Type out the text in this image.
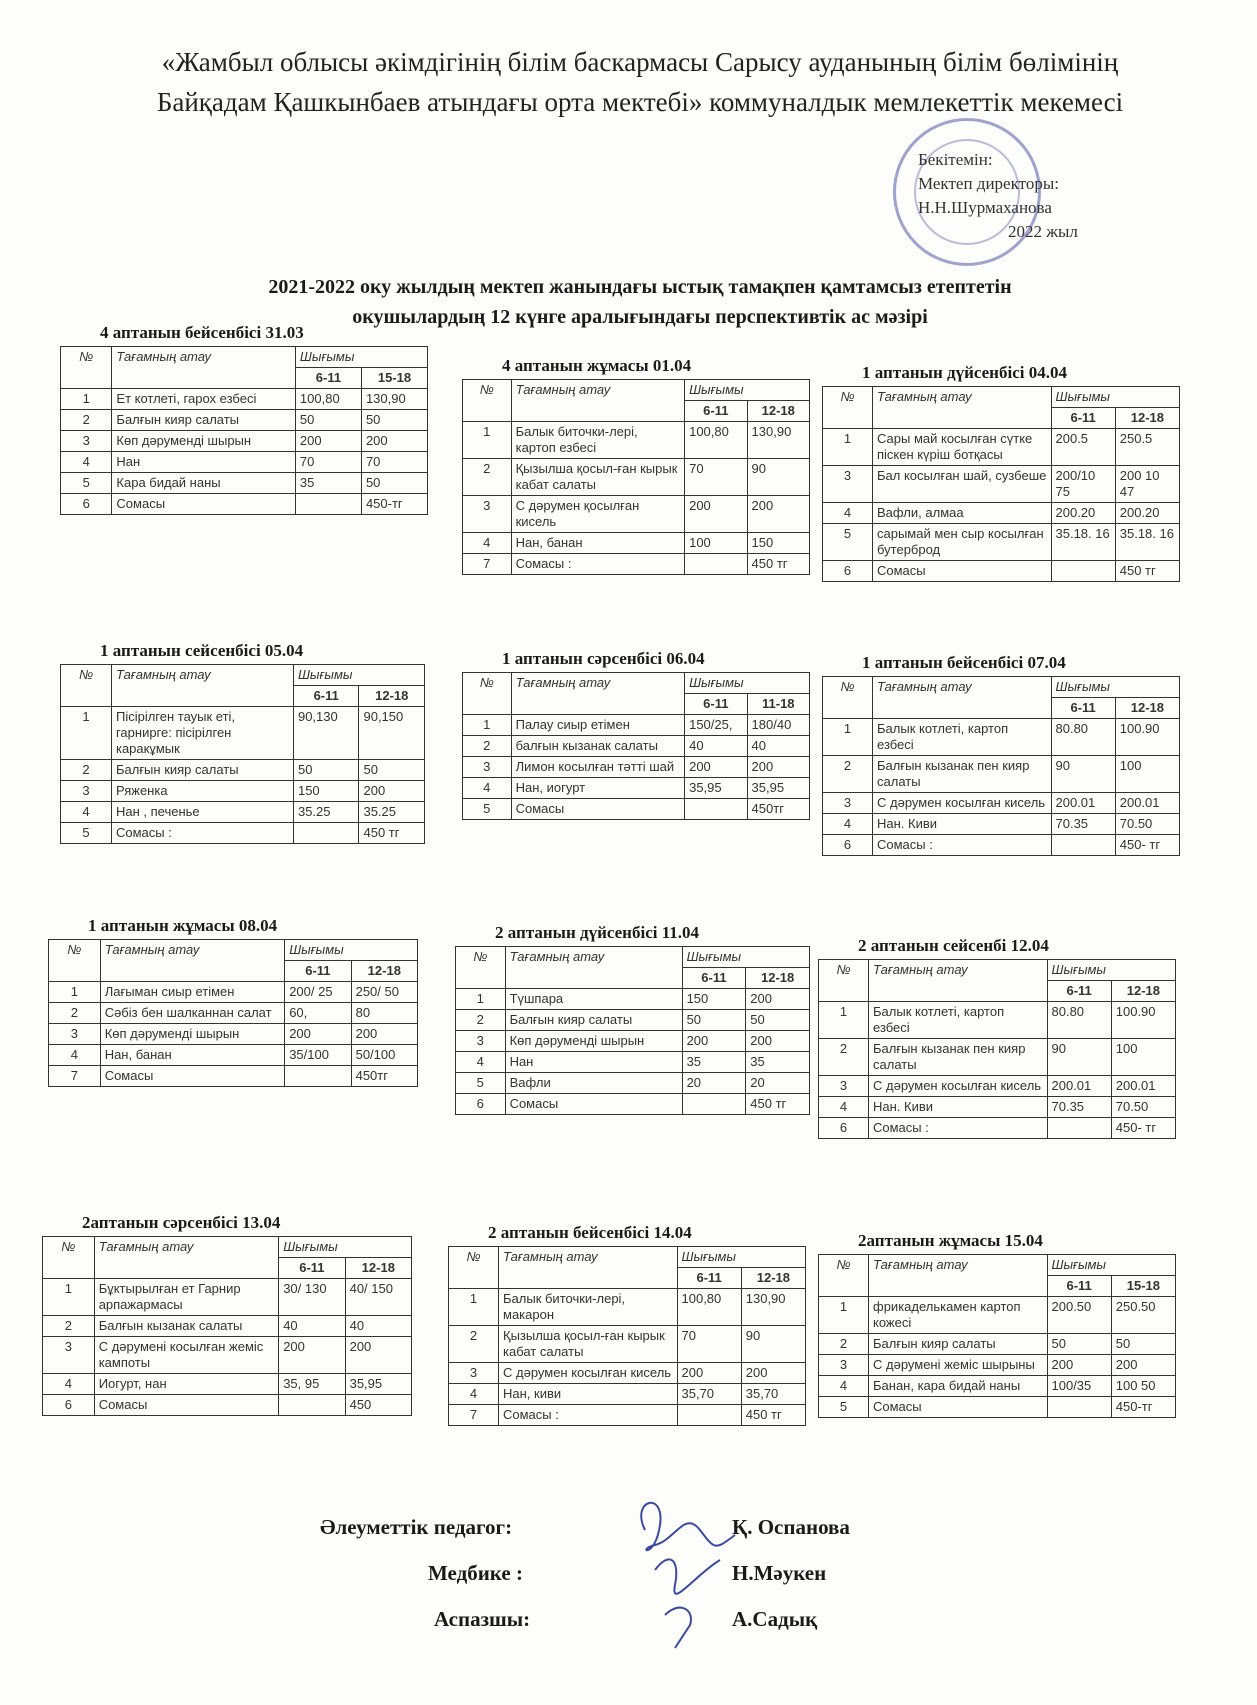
«Жамбыл облысы әкімдігінің білім баскармасы Сарысу ауданының білім бөлімінің
Байқадам Қашкынбаев атындағы орта мектебі» коммуналдык мемлекеттік мекемесі
Бекітемін:
Мектеп директоры:
Н.Н.Шурмаханова
2022 жыл
2021-2022 оку жылдың мектеп жанындағы ыстық тамақпен қамтамсыз етептетін
окушылардың 12 күнге аралығындағы перспективтік ас мәзірі
4 аптанын бейсенбісі 31.03
№	Тағамның атау	Шығымы	
		6-11	15-18
1	Ет котлеті, гарох езбесі	100,80	130,90
2	Балғын кияр салаты	50	50
3	Көп дәруменді шырын	200	200
4	Нан	70	70
5	Кара бидай наны	35	50
6	Сомасы		450-тг
4 аптанын жұмасы 01.04
№	Тағамның атау	Шығымы	
		6-11	12-18
1	Балык биточки-лері, картоп езбесі	100,80	130,90
2	Қызылша қосыл-ған кырык кабат салаты	70	90
3	С дәрумен қосылған кисель	200	200
4	Нан, банан	100	150
7	Сомасы :		450 тг
1 аптанын дүйсенбісі 04.04
№	Тағамның атау	Шығымы	
		6-11	12-18
1	Сары май косылған сүтке піскен күріш ботқасы	200.5	250.5
3	Бал косылған шай, сузбеше	200/10 75	200 10 47
4	Вафли, алмаа	200.20	200.20
5	сарымай мен сыр косылған бутерброд	35.18. 16	35.18. 16
6	Сомасы		450 тг
1 аптанын сейсенбісі 05.04
№	Тағамның атау	Шығымы	
		6-11	12-18
1	Пісірілген тауык еті, гарнирге: пісірілген каракұмык	90,130	90,150
2	Балғын кияр салаты	50	50
3	Ряженка	150	200
4	Нан , печенье	35.25	35.25
5	Сомасы :		450 тг
1 аптанын сәрсенбісі 06.04
№	Тағамның атау	Шығымы	
		6-11	11-18
1	Палау сиыр етімен	150/25,	180/40
2	балғын кызанак салаты	40	40
3	Лимон косылған тәтті шай	200	200
4	Нан, иогурт	35,95	35,95
5	Сомасы		450тг
1 аптанын бейсенбісі 07.04
№	Тағамның атау	Шығымы	
		6-11	12-18
1	Балык котлеті, картоп езбесі	80.80	100.90
2	Балғын кызанак пен кияр салаты	90	100
3	С дәрумен косылған кисель	200.01	200.01
4	Нан. Киви	70.35	70.50
6	Сомасы :		450- тг
1 аптанын жұмасы 08.04
№	Тағамның атау	Шығымы	
		6-11	12-18
1	Лағыман сиыр етімен	200/ 25	250/ 50
2	Сәбіз бен шалканнан салат	60,	80
3	Көп дәруменді шырын	200	200
4	Нан, банан	35/100	50/100
7	Сомасы		450тг
2 аптанын дүйсенбісі 11.04
№	Тағамның атау	Шығымы	
		6-11	12-18
1	Түшпара	150	200
2	Балғын кияр салаты	50	50
3	Көп дәруменді шырын	200	200
4	Нан	35	35
5	Вафли	20	20
6	Сомасы		450 тг
2 аптанын сейсенбі 12.04
№	Тағамның атау	Шығымы	
		6-11	12-18
1	Балык котлеті, картоп езбесі	80.80	100.90
2	Балғын кызанак пен кияр салаты	90	100
3	С дәрумен косылған кисель	200.01	200.01
4	Нан. Киви	70.35	70.50
6	Сомасы :		450- тг
2аптанын сәрсенбісі 13.04
№	Тағамның атау	Шығымы	
		6-11	12-18
1	Бұктырылған ет Гарнир арпажармасы	30/ 130	40/ 150
2	Балғын кызанак салаты	40	40
3	С дәрумені косылған жеміс кампоты	200	200
4	Иогурт, нан	35, 95	35,95
6	Сомасы		450
2 аптанын бейсенбісі 14.04
№	Тағамның атау	Шығымы	
		6-11	12-18
1	Балык биточки-лері, макарон	100,80	130,90
2	Қызылша қосыл-ған кырык кабат салаты	70	90
3	С дәрумен косылған кисель	200	200
4	Нан, киви	35,70	35,70
7	Сомасы :		450 тг
2аптанын жұмасы 15.04
№	Тағамның атау	Шығымы	
		6-11	15-18
1	фрикаделькамен картоп кожесі	200.50	250.50
2	Балғын кияр салаты	50	50
3	С дәрумені жеміс шырыны	200	200
4	Банан, кара бидай наны	100/35	100 50
5	Сомасы		450-тг
Әлеуметтік педагог:	Қ. Оспанова
Медбике :	Н.Мәукен
Аспазшы:	А.Садық
